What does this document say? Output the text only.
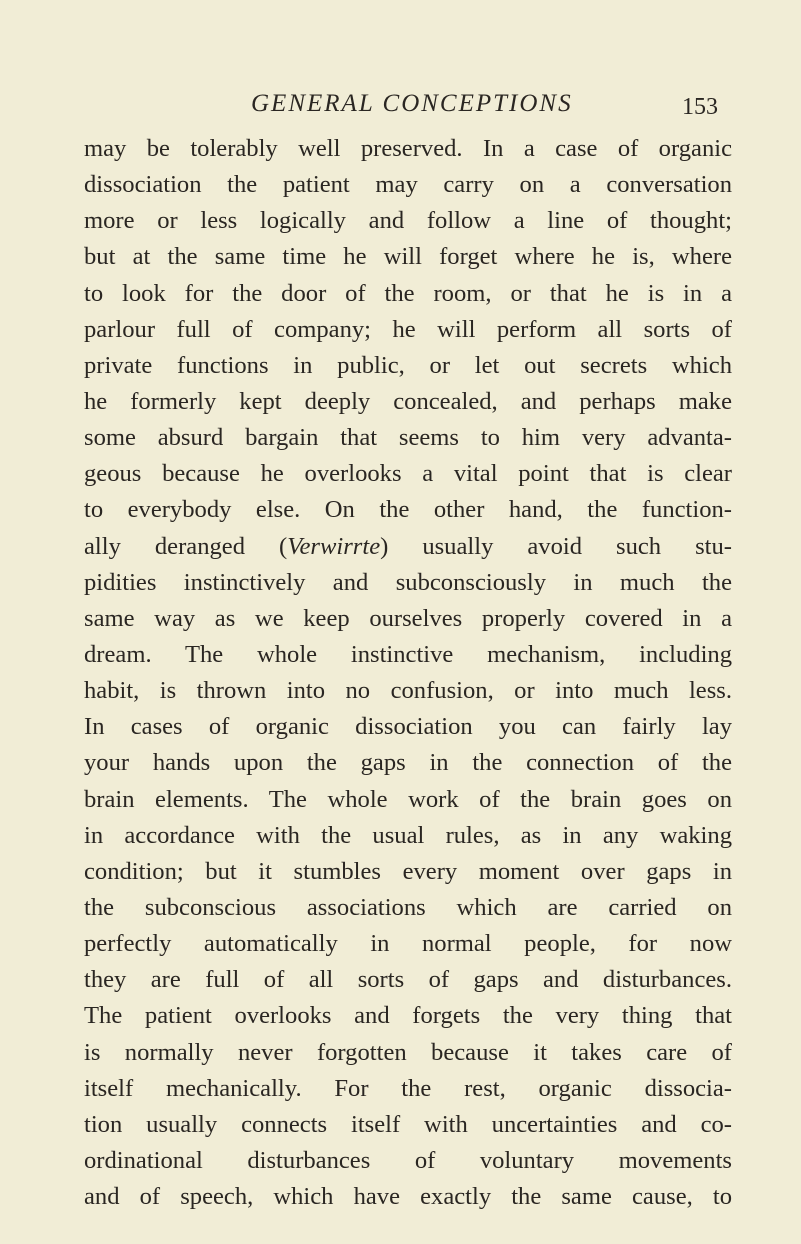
GENERAL CONCEPTIONS	153
may be tolerably well preserved. In a case of organic
dissociation the patient may carry on a conversation
more or less logically and follow a line of thought;
but at the same time he will forget where he is, where
to look for the door of the room, or that he is in a
parlour full of company; he will perform all sorts of
private functions in public, or let out secrets which
he formerly kept deeply concealed, and perhaps make
some absurd bargain that seems to him very advanta-
geous because he overlooks a vital point that is clear
to everybody else. On the other hand, the function-
ally deranged (Verwirrte) usually avoid such stu-
pidities instinctively and subconsciously in much the
same way as we keep ourselves properly covered in a
dream. The whole instinctive mechanism, including
habit, is thrown into no confusion, or into much less.
In cases of organic dissociation you can fairly lay
your hands upon the gaps in the connection of the
brain elements. The whole work of the brain goes on
in accordance with the usual rules, as in any waking
condition; but it stumbles every moment over gaps in
the subconscious associations which are carried on
perfectly automatically in normal people, for now
they are full of all sorts of gaps and disturbances.
The patient overlooks and forgets the very thing that
is normally never forgotten because it takes care of
itself mechanically. For the rest, organic dissocia-
tion usually connects itself with uncertainties and co-
ordinational disturbances of voluntary movements
and of speech, which have exactly the same cause, to
